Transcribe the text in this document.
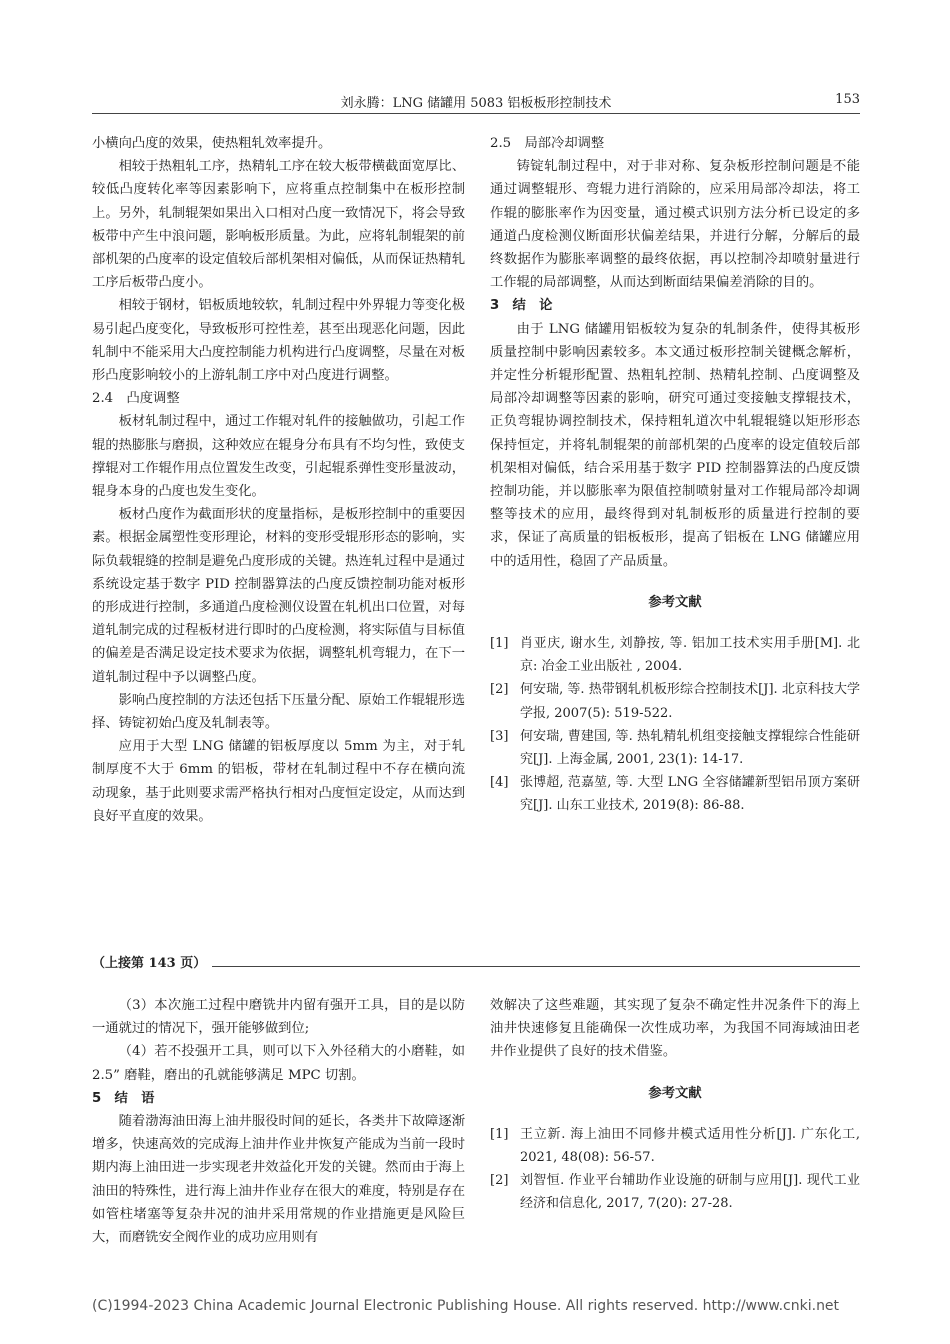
刘永腾：LNG 储罐用 5083 铝板板形控制技术	153

小横向凸度的效果，使热粗轧效率提升。

相较于热粗轧工序，热精轧工序在较大板带横截面宽厚比、较低凸度转化率等因素影响下，应将重点控制集中在板形控制上。另外，轧制辊架如果出入口相对凸度一致情况下，将会导致板带中产生中浪问题，影响板形质量。为此，应将轧制辊架的前部机架的凸度率的设定值较后部机架相对偏低，从而保证热精轧工序后板带凸度小。

相较于钢材，铝板质地较软，轧制过程中外界辊力等变化极易引起凸度变化，导致板形可控性差，甚至出现恶化问题，因此轧制中不能采用大凸度控制能力机构进行凸度调整，尽量在对板形凸度影响较小的上游轧制工序中对凸度进行调整。

2.4　凸度调整

板材轧制过程中，通过工作辊对轧件的接触做功，引起工作辊的热膨胀与磨损，这种效应在辊身分布具有不均匀性，致使支撑辊对工作辊作用点位置发生改变，引起辊系弹性变形量波动，辊身本身的凸度也发生变化。

板材凸度作为截面形状的度量指标，是板形控制中的重要因素。根据金属塑性变形理论，材料的变形受辊形形态的影响，实际负载辊缝的控制是避免凸度形成的关键。热连轧过程中是通过系统设定基于数字 PID 控制器算法的凸度反馈控制功能对板形的形成进行控制，多通道凸度检测仪设置在轧机出口位置，对每道轧制完成的过程板材进行即时的凸度检测，将实际值与目标值的偏差是否满足设定技术要求为依据，调整轧机弯辊力，在下一道轧制过程中予以调整凸度。

影响凸度控制的方法还包括下压量分配、原始工作辊辊形选择、铸锭初始凸度及轧制表等。

应用于大型 LNG 储罐的铝板厚度以 5mm 为主，对于轧制厚度不大于 6mm 的铝板，带材在轧制过程中不存在横向流动现象，基于此则要求需严格执行相对凸度恒定设定，从而达到良好平直度的效果。

2.5　局部冷却调整

铸锭轧制过程中，对于非对称、复杂板形控制问题是不能通过调整辊形、弯辊力进行消除的，应采用局部冷却法，将工作辊的膨胀率作为因变量，通过模式识别方法分析已设定的多通道凸度检测仪断面形状偏差结果，并进行分解，分解后的最终数据作为膨胀率调整的最终依据，再以控制冷却喷射量进行工作辊的局部调整，从而达到断面结果偏差消除的目的。

3　结　论

由于 LNG 储罐用铝板较为复杂的轧制条件，使得其板形质量控制中影响因素较多。本文通过板形控制关键概念解析，并定性分析辊形配置、热粗轧控制、热精轧控制、凸度调整及局部冷却调整等因素的影响，研究可通过变接触支撑辊技术，正负弯辊协调控制技术，保持粗轧道次中轧辊辊缝以矩形形态保持恒定，并将轧制辊架的前部机架的凸度率的设定值较后部机架相对偏低，结合采用基于数字 PID 控制器算法的凸度反馈控制功能，并以膨胀率为限值控制喷射量对工作辊局部冷却调整等技术的应用，最终得到对轧制板形的质量进行控制的要求，保证了高质量的铝板板形，提高了铝板在 LNG 储罐应用中的适用性，稳固了产品质量。

参考文献

[1] 肖亚庆, 谢水生, 刘静按, 等. 铝加工技术实用手册[M]. 北京: 冶金工业出版社 , 2004.
[2] 何安瑞, 等. 热带钢轧机板形综合控制技术[J]. 北京科技大学学报, 2007(5): 519-522.
[3] 何安瑞, 曹建国, 等. 热轧精轧机组变接触支撑辊综合性能研究[J]. 上海金属, 2001, 23(1): 14-17.
[4] 张博超, 范嘉堃, 等. 大型 LNG 全容储罐新型铝吊顶方案研究[J]. 山东工业技术, 2019(8): 86-88.
（上接第 143 页）

（3）本次施工过程中磨铣井内留有强开工具，目的是以防一通就过的情况下，强开能够做到位;

（4）若不投强开工具，则可以下入外径稍大的小磨鞋，如 2.5” 磨鞋，磨出的孔就能够满足 MPC 切割。

5　结　语

随着渤海油田海上油井服役时间的延长，各类井下故障逐渐增多，快速高效的完成海上油井作业井恢复产能成为当前一段时期内海上油田进一步实现老井效益化开发的关键。然而由于海上油田的特殊性，进行海上油井作业存在很大的难度，特别是存在如管柱堵塞等复杂井况的油井采用常规的作业措施更是风险巨大，而磨铣安全阀作业的成功应用则有

效解决了这些难题，其实现了复杂不确定性井况条件下的海上油井快速修复且能确保一次性成功率，为我国不同海域油田老井作业提供了良好的技术借鉴。

参考文献

[1] 王立新. 海上油田不同修井模式适用性分析[J]. 广东化工, 2021, 48(08): 56-57.
[2] 刘智恒. 作业平台辅助作业设施的研制与应用[J]. 现代工业经济和信息化, 2017, 7(20): 27-28.
(C)1994-2023 China Academic Journal Electronic Publishing House. All rights reserved. http://www.cnki.net
